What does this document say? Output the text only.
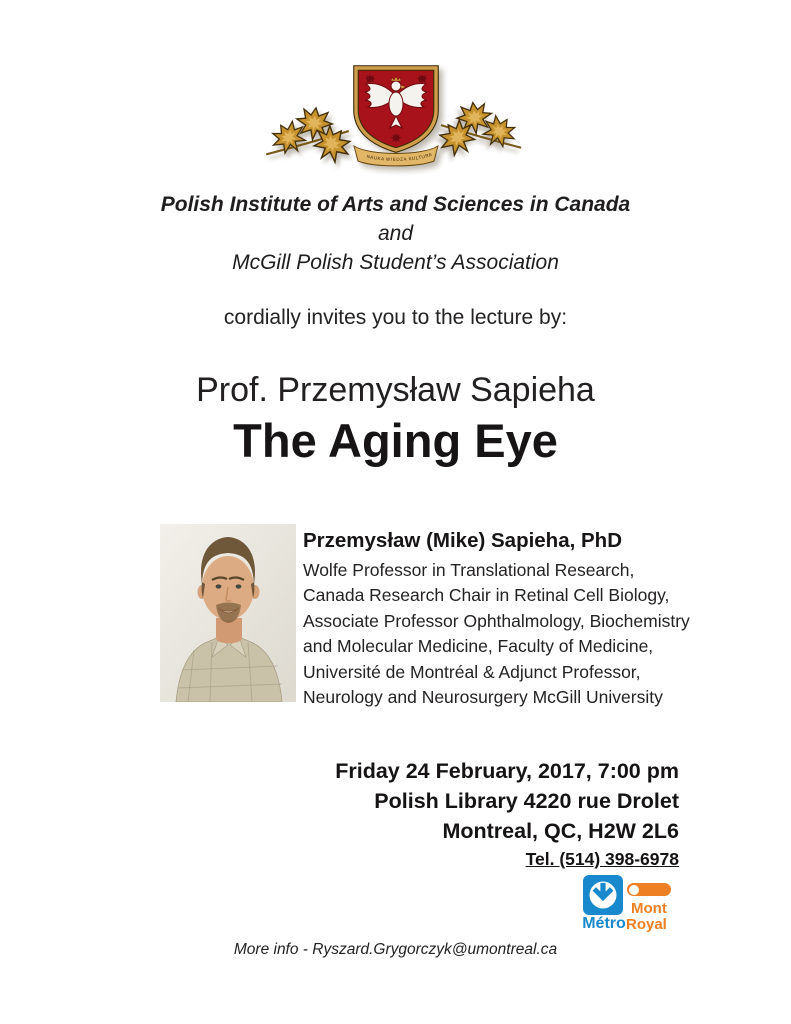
NAUKA WIEDZA KULTURA
Polish Institute of Arts and Sciences in Canada
and
McGill Polish Student’s Association
cordially invites you to the lecture by:
Prof. Przemysław Sapieha
The Aging Eye

Przemysław (Mike) Sapieha, PhD

Wolfe Professor in Translational Research,
Canada Research Chair in Retinal Cell Biology,
Associate Professor Ophthalmology, Biochemistry
and Molecular Medicine, Faculty of Medicine,
Université de Montréal & Adjunct Professor,
Neurology and Neurosurgery McGill University
Friday 24 February, 2017, 7:00 pm
Polish Library 4220 rue Drolet
Montreal, QC, H2W 2L6
Tel. (514) 398-6978
Métro
Mont
Royal
More info - Ryszard.Grygorczyk@umontreal.ca
